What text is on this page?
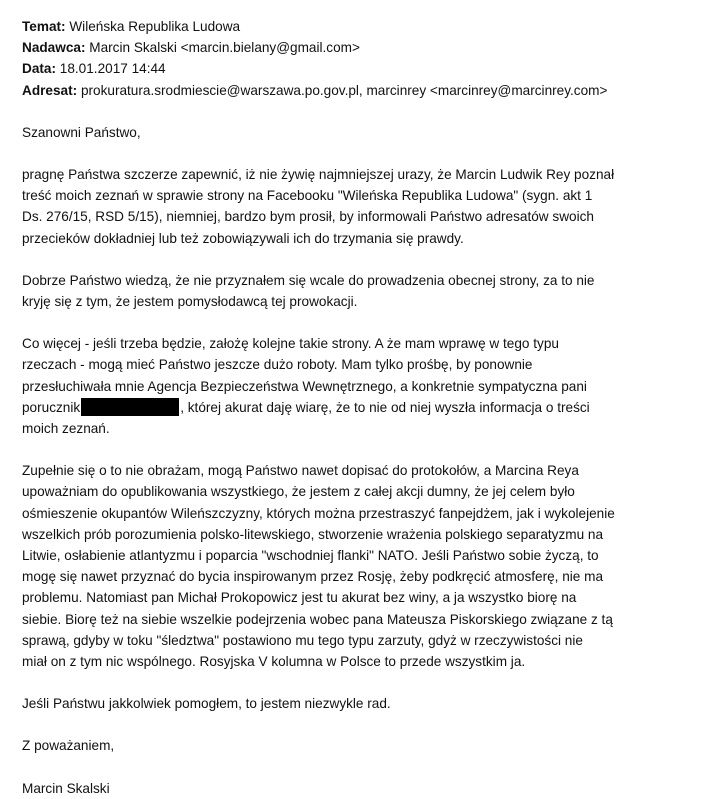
Temat: Wileńska Republika Ludowa
Nadawca: Marcin Skalski <marcin.bielany@gmail.com>
Data: 18.01.2017 14:44
Adresat: prokuratura.srodmiescie@warszawa.po.gov.pl, marcinrey <marcinrey@marcinrey.com>
Szanowni Państwo,
pragnę Państwa szczerze zapewnić, iż nie żywię najmniejszej urazy, że Marcin Ludwik Rey poznał
treść moich zeznań w sprawie strony na Facebooku "Wileńska Republika Ludowa" (sygn. akt 1
Ds. 276/15, RSD 5/15), niemniej, bardzo bym prosił, by informowali Państwo adresatów swoich
przecieków dokładniej lub też zobowiązywali ich do trzymania się prawdy.
Dobrze Państwo wiedzą, że nie przyznałem się wcale do prowadzenia obecnej strony, za to nie
kryję się z tym, że jestem pomysłodawcą tej prowokacji.
Co więcej - jeśli trzeba będzie, założę kolejne takie strony. A że mam wprawę w tego typu
rzeczach - mogą mieć Państwo jeszcze dużo roboty. Mam tylko prośbę, by ponownie
przesłuchiwała mnie Agencja Bezpieczeństwa Wewnętrznego, a konkretnie sympatyczna pani
porucznik	, której akurat daję wiarę, że to nie od niej wyszła informacja o treści
moich zeznań.
Zupełnie się o to nie obrażam, mogą Państwo nawet dopisać do protokołów, a Marcina Reya
upoważniam do opublikowania wszystkiego, że jestem z całej akcji dumny, że jej celem było
ośmieszenie okupantów Wileńszczyzny, których można przestraszyć fanpejdżem, jak i wykolejenie
wszelkich prób porozumienia polsko-litewskiego, stworzenie wrażenia polskiego separatyzmu na
Litwie, osłabienie atlantyzmu i poparcia "wschodniej flanki" NATO. Jeśli Państwo sobie życzą, to
mogę się nawet przyznać do bycia inspirowanym przez Rosję, żeby podkręcić atmosferę, nie ma
problemu. Natomiast pan Michał Prokopowicz jest tu akurat bez winy, a ja wszystko biorę na
siebie. Biorę też na siebie wszelkie podejrzenia wobec pana Mateusza Piskorskiego związane z tą
sprawą, gdyby w toku "śledztwa" postawiono mu tego typu zarzuty, gdyż w rzeczywistości nie
miał on z tym nic wspólnego. Rosyjska V kolumna w Polsce to przede wszystkim ja.
Jeśli Państwu jakkolwiek pomogłem, to jestem niezwykle rad.
Z poważaniem,
Marcin Skalski
